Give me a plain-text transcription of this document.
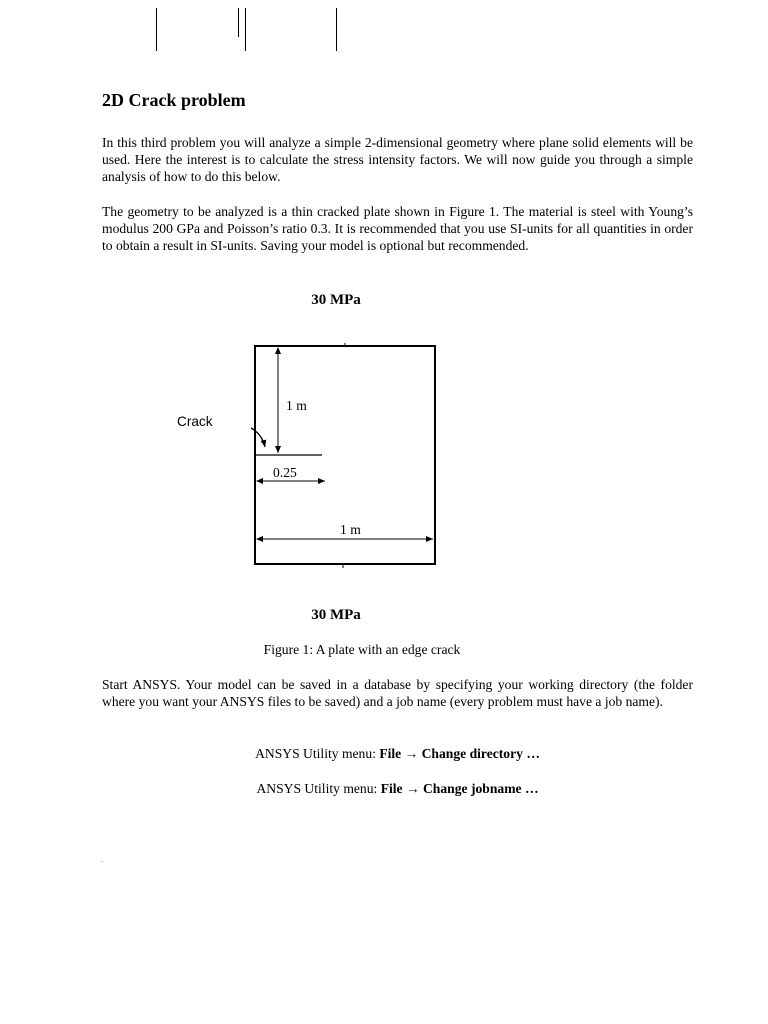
2D Crack problem

In this third problem you will analyze a simple 2-dimensional geometry where plane solid elements will be used. Here the interest is to calculate the stress intensity factors. We will now guide you through a simple analysis of how to do this below.

The geometry to be analyzed is a thin cracked plate shown in Figure 1. The material is steel with Young’s modulus 200 GPa and Poisson’s ratio 0.3. It is recommended that you use SI-units for all quantities in order to obtain a result in SI-units. Saving your model is optional but recommended.

30 MPa
1 m
0.25
1 m
Crack
30 MPa
Figure 1: A plate with an edge crack

Start ANSYS. Your model can be saved in a database by specifying your working directory (the folder where you want your ANSYS files to be saved) and a job name (every problem must have a job name).

ANSYS Utility menu: File → Change directory …
ANSYS Utility menu: File → Change jobname …
.
